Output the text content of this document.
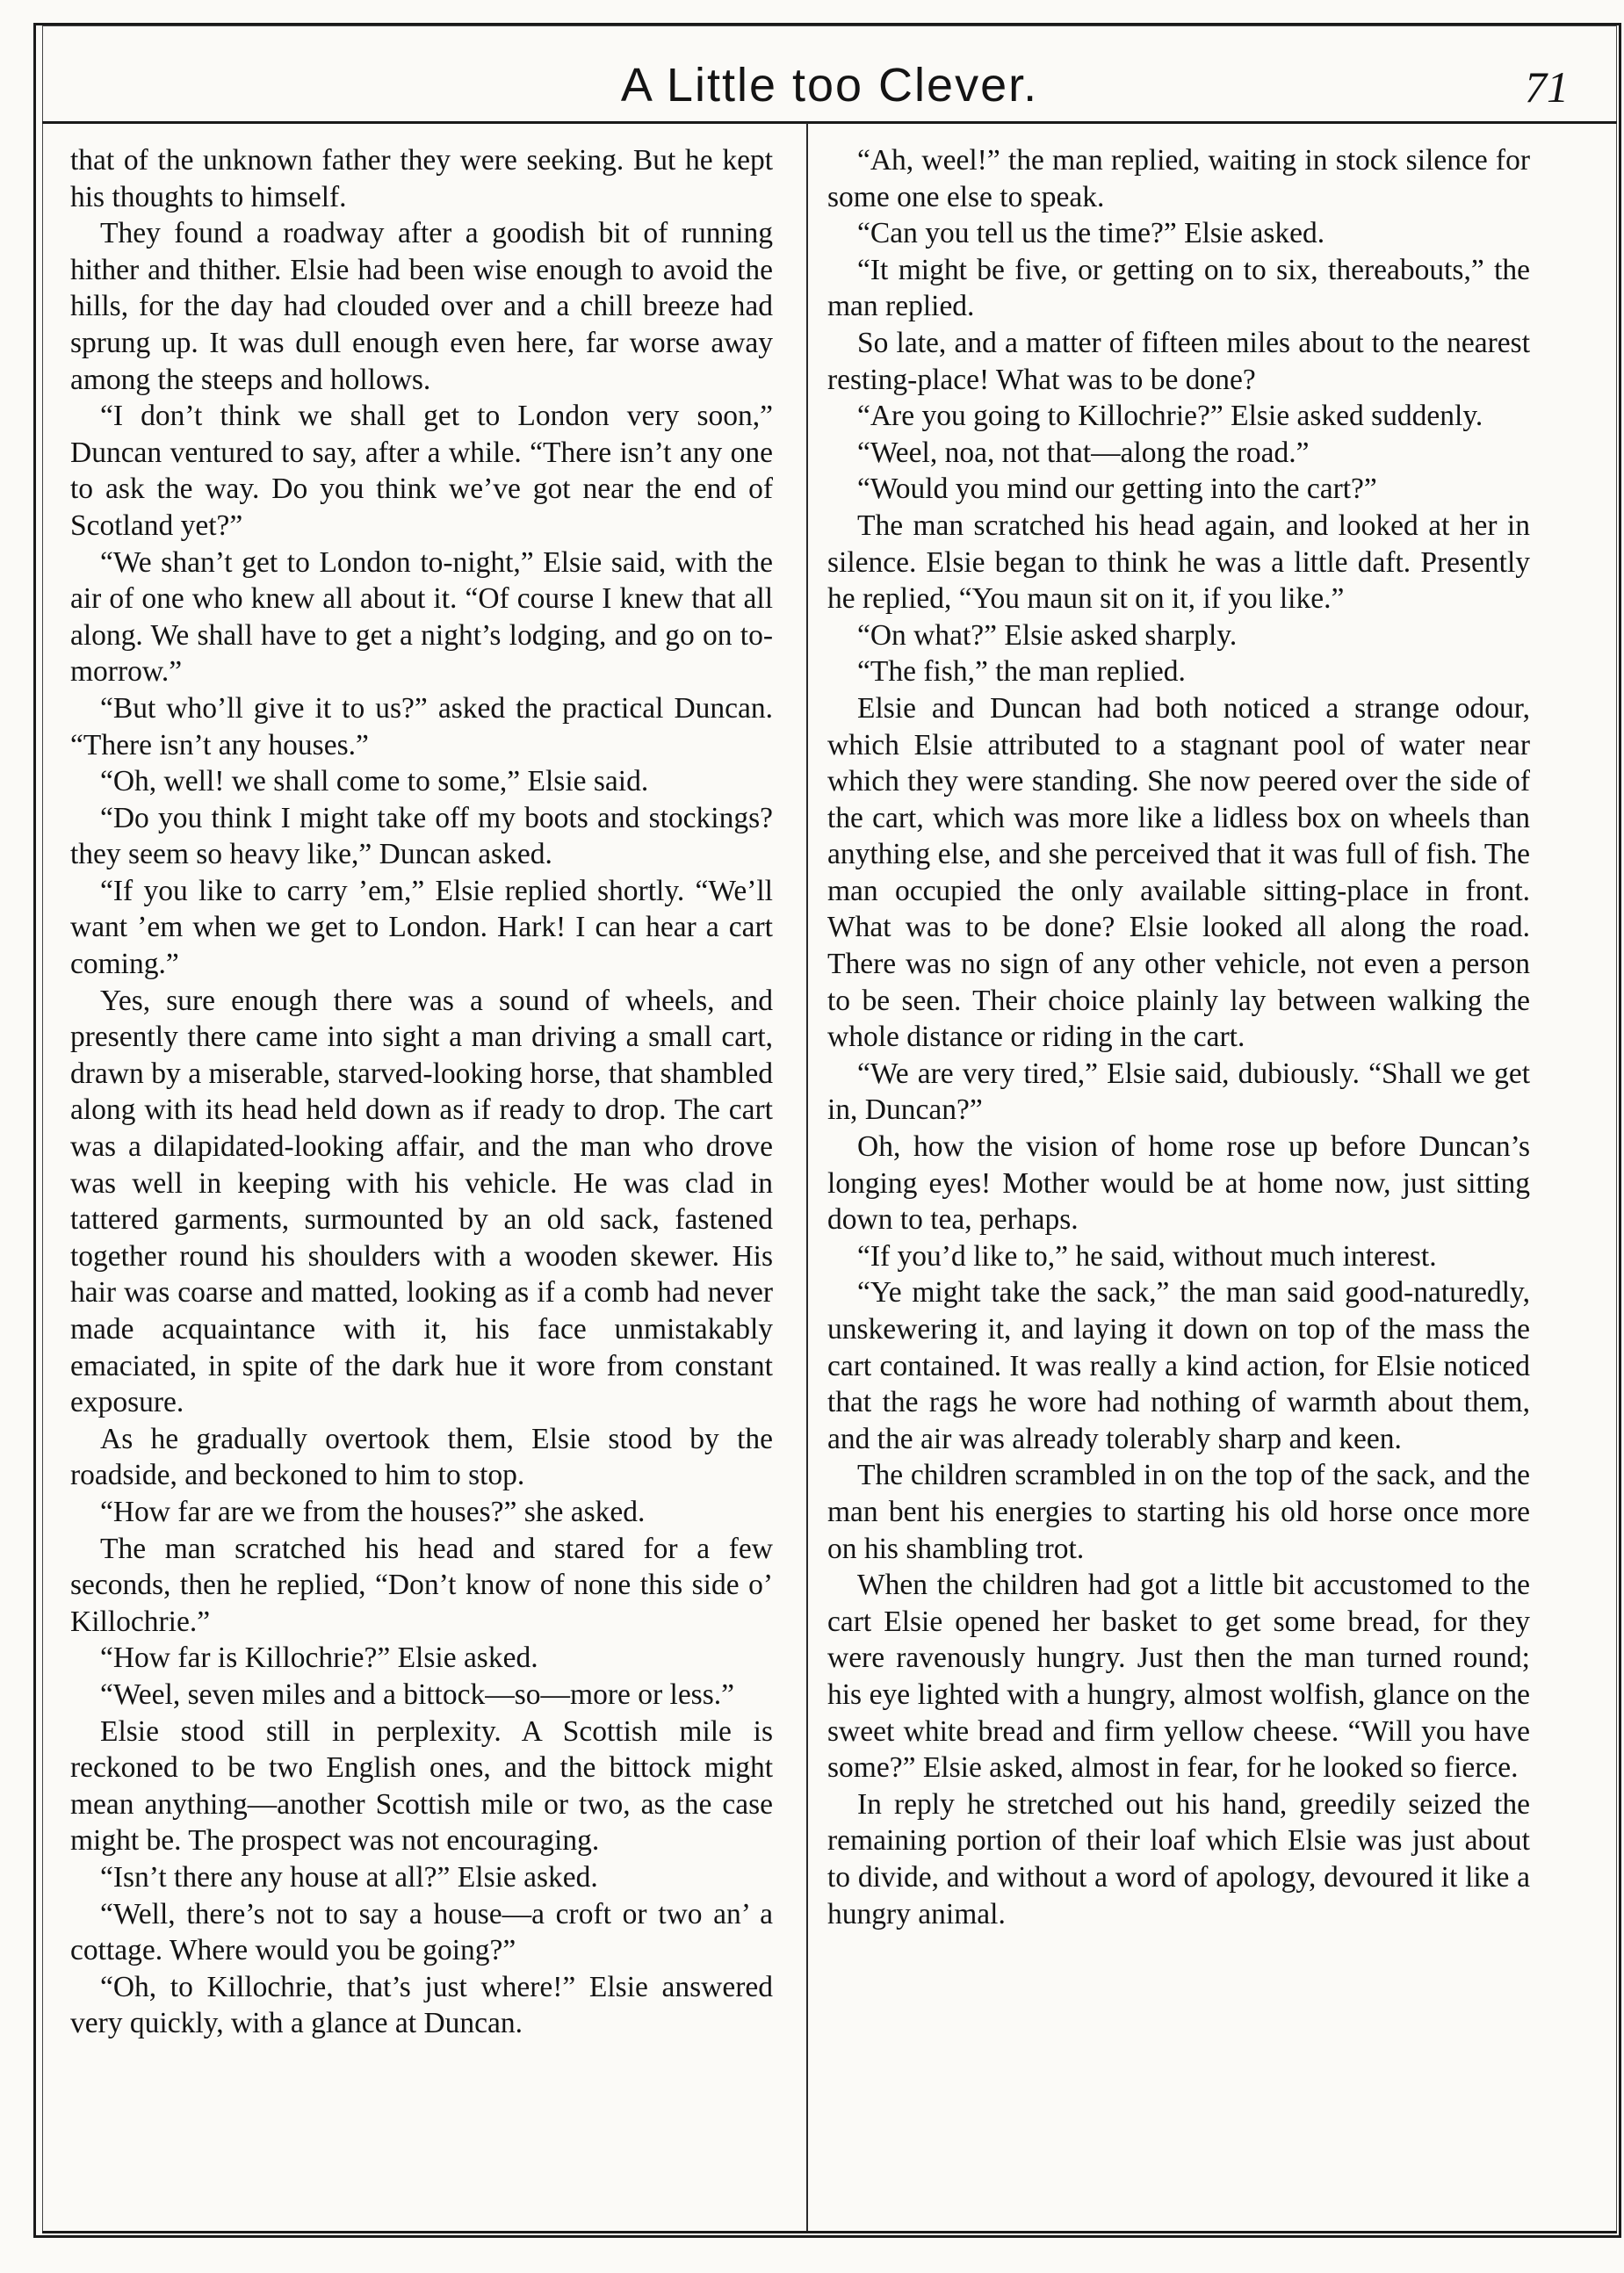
A Little too Clever.	71

that of the unknown father they were seeking. But he kept his thoughts to himself.

They found a roadway after a goodish bit of running hither and thither. Elsie had been wise enough to avoid the hills, for the day had clouded over and a chill breeze had sprung up. It was dull enough even here, far worse away among the steeps and hollows.

“I don’t think we shall get to London very soon,” Duncan ventured to say, after a while. “There isn’t any one to ask the way. Do you think we’ve got near the end of Scotland yet?”

“We shan’t get to London to-night,” Elsie said, with the air of one who knew all about it. “Of course I knew that all along. We shall have to get a night’s lodging, and go on to-morrow.”

“But who’ll give it to us?” asked the practical Duncan. “There isn’t any houses.”

“Oh, well! we shall come to some,” Elsie said.

“Do you think I might take off my boots and stockings? they seem so heavy like,” Duncan asked.

“If you like to carry ’em,” Elsie replied shortly. “We’ll want ’em when we get to London. Hark! I can hear a cart coming.”

Yes, sure enough there was a sound of wheels, and presently there came into sight a man driving a small cart, drawn by a miserable, starved-looking horse, that shambled along with its head held down as if ready to drop. The cart was a dilapidated-looking affair, and the man who drove was well in keeping with his vehicle. He was clad in tattered garments, surmounted by an old sack, fastened together round his shoulders with a wooden skewer. His hair was coarse and matted, looking as if a comb had never made acquaintance with it, his face unmistakably emaciated, in spite of the dark hue it wore from constant exposure.

As he gradually overtook them, Elsie stood by the roadside, and beckoned to him to stop.

“How far are we from the houses?” she asked.

The man scratched his head and stared for a few seconds, then he replied, “Don’t know of none this side o’ Killochrie.”

“How far is Killochrie?” Elsie asked.

“Weel, seven miles and a bittock—so—more or less.”

Elsie stood still in perplexity. A Scottish mile is reckoned to be two English ones, and the bittock might mean anything—another Scottish mile or two, as the case might be. The prospect was not encouraging.

“Isn’t there any house at all?” Elsie asked.

“Well, there’s not to say a house—a croft or two an’ a cottage. Where would you be going?”

“Oh, to Killochrie, that’s just where!” Elsie answered very quickly, with a glance at Duncan.

“Ah, weel!” the man replied, waiting in stock silence for some one else to speak.

“Can you tell us the time?” Elsie asked.

“It might be five, or getting on to six, thereabouts,” the man replied.

So late, and a matter of fifteen miles about to the nearest resting-place! What was to be done?

“Are you going to Killochrie?” Elsie asked suddenly.

“Weel, noa, not that—along the road.”

“Would you mind our getting into the cart?”

The man scratched his head again, and looked at her in silence. Elsie began to think he was a little daft. Presently he replied, “You maun sit on it, if you like.”

“On what?” Elsie asked sharply.

“The fish,” the man replied.

Elsie and Duncan had both noticed a strange odour, which Elsie attributed to a stagnant pool of water near which they were standing. She now peered over the side of the cart, which was more like a lidless box on wheels than anything else, and she perceived that it was full of fish. The man occupied the only available sitting-place in front. What was to be done? Elsie looked all along the road. There was no sign of any other vehicle, not even a person to be seen. Their choice plainly lay between walking the whole distance or riding in the cart.

“We are very tired,” Elsie said, dubiously. “Shall we get in, Duncan?”

Oh, how the vision of home rose up before Duncan’s longing eyes! Mother would be at home now, just sitting down to tea, perhaps.

“If you’d like to,” he said, without much interest.

“Ye might take the sack,” the man said good-naturedly, unskewering it, and laying it down on top of the mass the cart contained. It was really a kind action, for Elsie noticed that the rags he wore had nothing of warmth about them, and the air was already tolerably sharp and keen.

The children scrambled in on the top of the sack, and the man bent his energies to starting his old horse once more on his shambling trot.

When the children had got a little bit accustomed to the cart Elsie opened her basket to get some bread, for they were ravenously hungry. Just then the man turned round; his eye lighted with a hungry, almost wolfish, glance on the sweet white bread and firm yellow cheese. “Will you have some?” Elsie asked, almost in fear, for he looked so fierce.

In reply he stretched out his hand, greedily seized the remaining portion of their loaf which Elsie was just about to divide, and without a word of apology, devoured it like a hungry animal.
